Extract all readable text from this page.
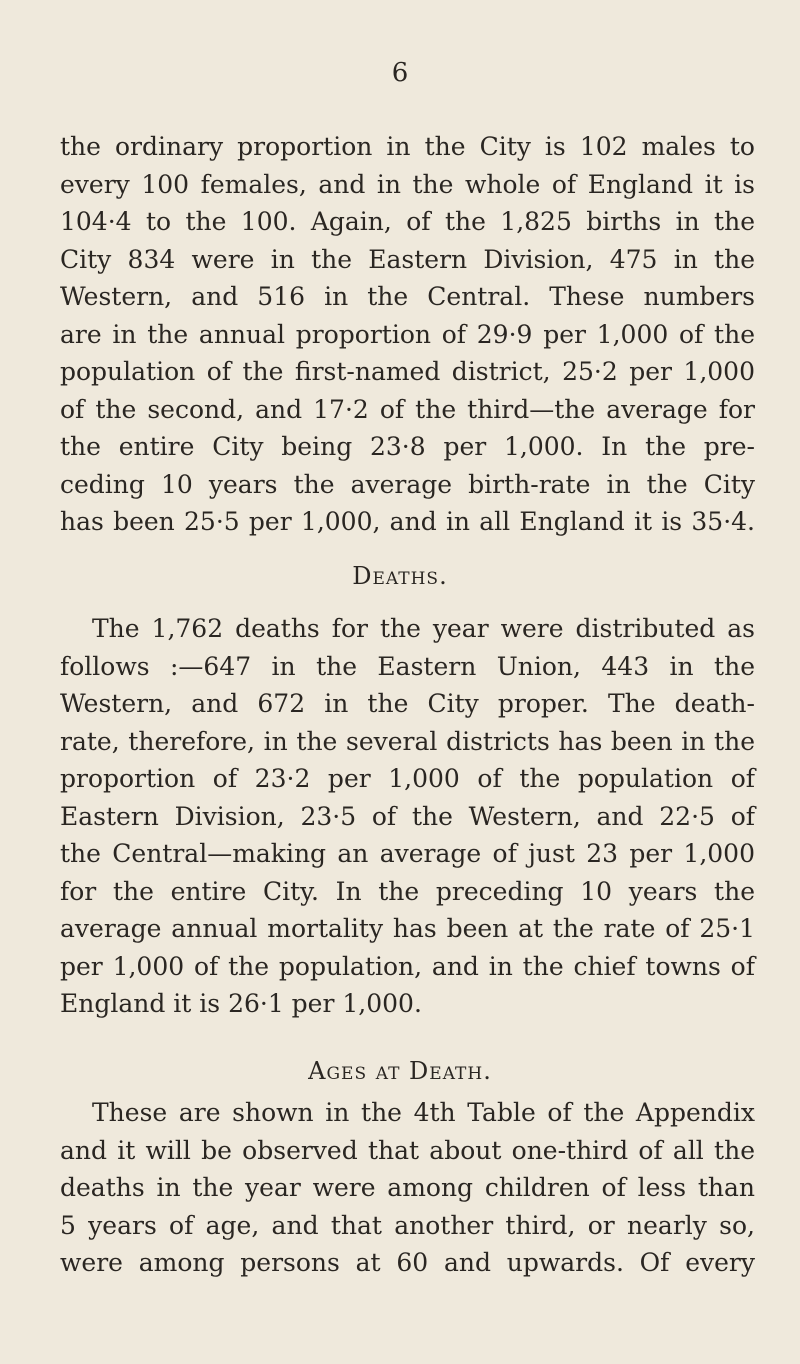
6
the ordinary proportion in the City is 102 males to
every 100 females, and in the whole of England it is
104·4 to the 100. Again, of the 1,825 births in the
City 834 were in the Eastern Division, 475 in the
Western, and 516 in the Central. These numbers
are in the annual proportion of 29·9 per 1,000 of the
population of the first-named district, 25·2 per 1,000
of the second, and 17·2 of the third—the average for
the entire City being 23·8 per 1,000. In the pre-
ceding 10 years the average birth-rate in the City
has been 25·5 per 1,000, and in all England it is 35·4.
Deaths.
The 1,762 deaths for the year were distributed as
follows :—647 in the Eastern Union, 443 in the
Western, and 672 in the City proper. The death-
rate, therefore, in the several districts has been in the
proportion of 23·2 per 1,000 of the population of
Eastern Division, 23·5 of the Western, and 22·5 of
the Central—making an average of just 23 per 1,000
for the entire City. In the preceding 10 years the
average annual mortality has been at the rate of 25·1
per 1,000 of the population, and in the chief towns of
England it is 26·1 per 1,000.
Ages at Death.
These are shown in the 4th Table of the Appendix
and it will be observed that about one-third of all the
deaths in the year were among children of less than
5 years of age, and that another third, or nearly so,
were among persons at 60 and upwards. Of every
